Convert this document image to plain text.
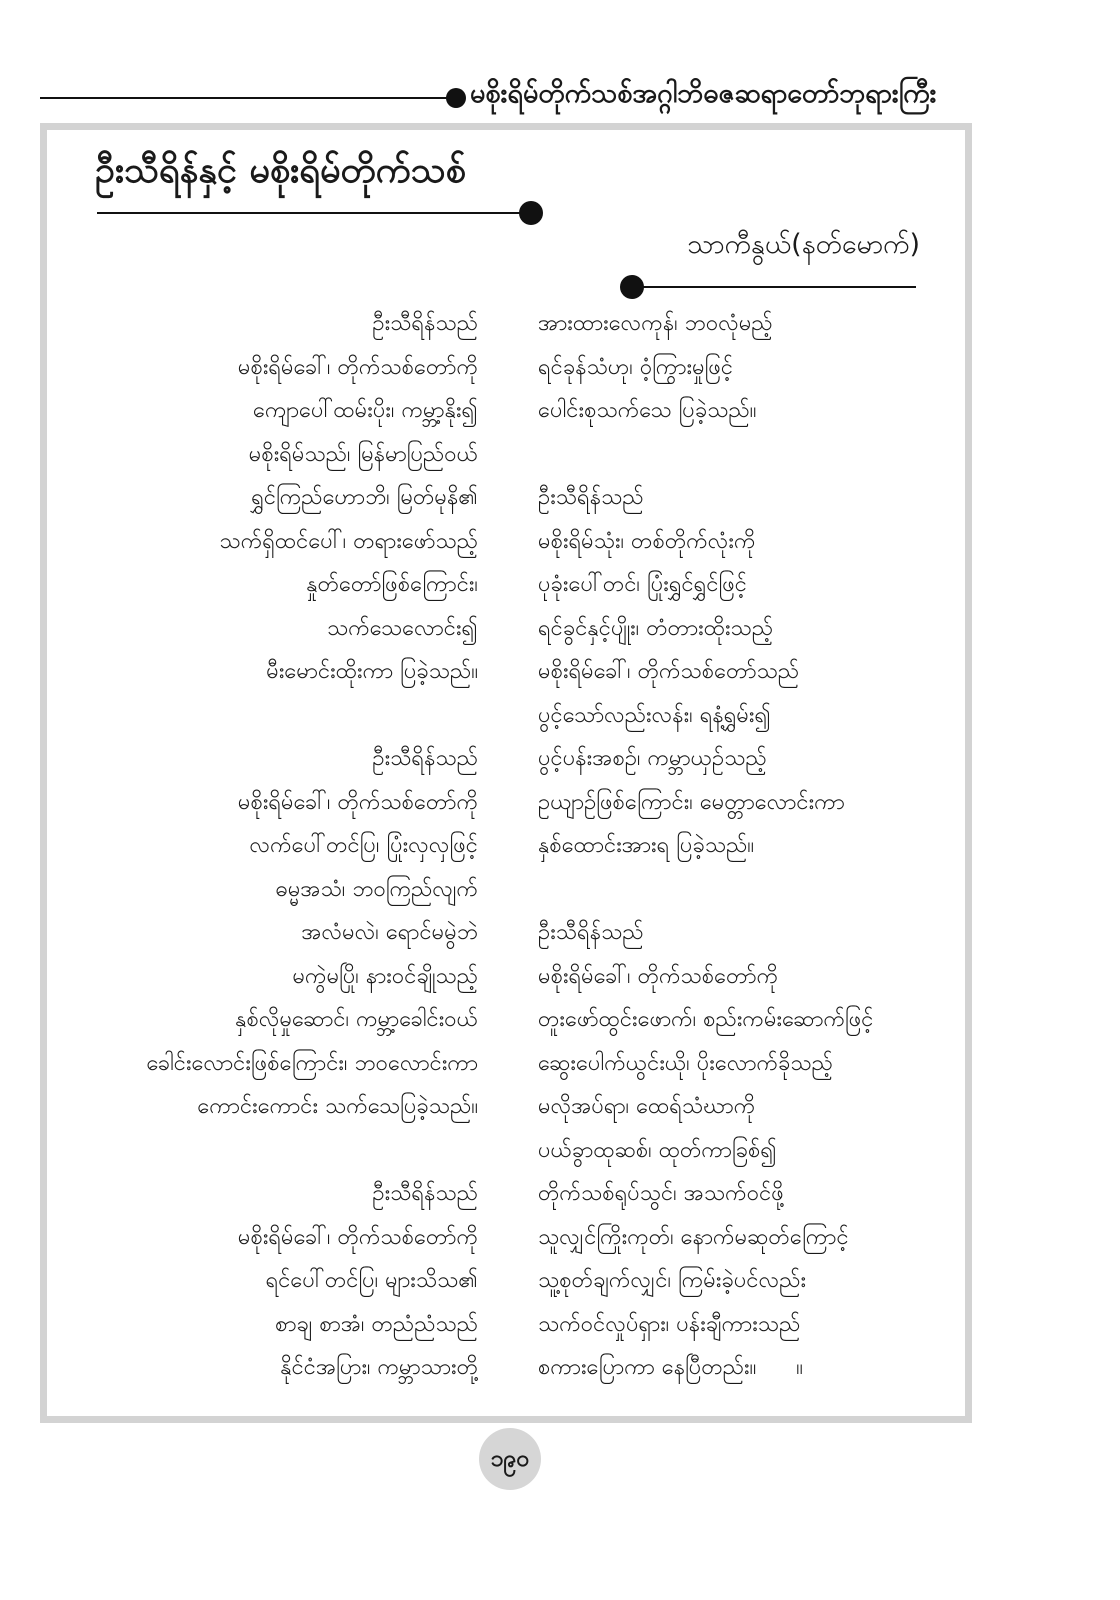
မစိုးရိမ်တိုက်သစ်အဂ္ဂါဘိဓဇဆရာတော်ဘုရားကြီး
ဦးသီရိန်နှင့် မစိုးရိမ်တိုက်သစ်
သာကီနွယ်(နတ်မောက်)
ဦးသီရိန်သည်
မစိုးရိမ်ခေါ်၊ တိုက်သစ်တော်ကို
ကျောပေါ်ထမ်းပိုး၊ ကမ္ဘာ့နိုး၍
မစိုးရိမ်သည်၊ မြန်မာပြည်ဝယ်
ရွှင်ကြည်ဟောဘိ၊ မြတ်မုနိ၏
သက်ရှိထင်ပေါ်၊ တရားဖော်သည့်
နှုတ်တော်ဖြစ်ကြောင်း၊
သက်သေလောင်း၍
မီးမောင်းထိုးကာ ပြခဲ့သည်။
ဦးသီရိန်သည်
မစိုးရိမ်ခေါ်၊ တိုက်သစ်တော်ကို
လက်ပေါ်တင်ပြ၊ ပြုံးလှလှဖြင့်
ဓမ္မအသံ၊ ဘဝကြည်လျက်
အလံမလဲ၊ ရောင်မမွဲဘဲ
မကွဲမပြို၊ နားဝင်ချိုသည့်
နှစ်လိုမှုဆောင်၊ ကမ္ဘာ့ခေါင်းဝယ်
ခေါင်းလောင်းဖြစ်ကြောင်း၊ ဘဝလောင်းကာ
ကောင်းကောင်း သက်သေပြခဲ့သည်။
ဦးသီရိန်သည်
မစိုးရိမ်ခေါ်၊ တိုက်သစ်တော်ကို
ရင်ပေါ်တင်ပြ၊ များသိသ၏
စာချ စာအံ၊ တညံညံသည်
နိုင်ငံအပြား၊ ကမ္ဘာသားတို့
အားထားလေကုန်၊ ဘဝလုံမည့်
ရင်ခုန်သံဟု၊ ဝံ့ကြွားမှုဖြင့်
ပေါင်းစုသက်သေ ပြခဲ့သည်။
ဦးသီရိန်သည်
မစိုးရိမ်သုံး၊ တစ်တိုက်လုံးကို
ပုခုံးပေါ်တင်၊ ပြုံးရွှင်ရွှင်ဖြင့်
ရင်ခွင်နှင့်ပျိုး၊ တံတားထိုးသည့်
မစိုးရိမ်ခေါ်၊ တိုက်သစ်တော်သည်
ပွင့်သော်လည်းလန်း၊ ရနံ့ရွှမ်း၍
ပွင့်ပန်းအစဉ်၊ ကမ္ဘာယှဉ်သည့်
ဥယျာဉ်ဖြစ်ကြောင်း၊ မေတ္တာလောင်းကာ
နှစ်ထောင်းအားရ ပြခဲ့သည်။
ဦးသီရိန်သည်
မစိုးရိမ်ခေါ်၊ တိုက်သစ်တော်ကို
တူးဖော်ထွင်းဖောက်၊ စည်းကမ်းဆောက်ဖြင့်
ဆွေးပေါက်ယွင်းယို၊ ပိုးလောက်ခိုသည့်
မလိုအပ်ရာ၊ ထေရ်သံဃာကို
ပယ်ခွာထုဆစ်၊ ထုတ်ကာခြစ်၍
တိုက်သစ်ရုပ်သွင်၊ အသက်ဝင်ဖို့
သူလျှင်ကြိုးကုတ်၊ နောက်မဆုတ်ကြောင့်
သူ့စုတ်ချက်လျှင်၊ ကြမ်းခဲ့ပင်လည်း
သက်ဝင်လှုပ်ရှား၊ ပန်းချီကားသည်
စကားပြောကာ နေပြီတည်း။ ။
၁၉၀
